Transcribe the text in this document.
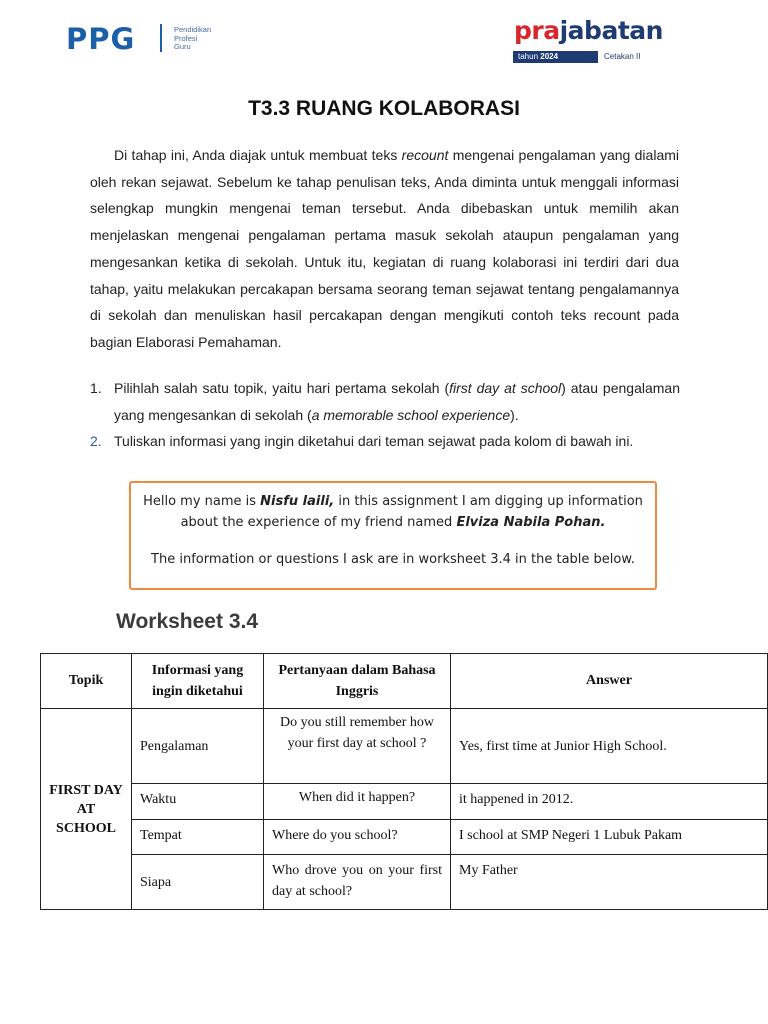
PPG	Pendidikan
Profesi
Guru
prajabatan
tahun 2024	Cetakan II
T3.3 RUANG KOLABORASI

Di tahap ini, Anda diajak untuk membuat teks recount mengenai pengalaman yang dialami oleh rekan sejawat. Sebelum ke tahap penulisan teks, Anda diminta untuk menggali informasi selengkap mungkin mengenai teman tersebut. Anda dibebaskan untuk memilih akan menjelaskan mengenai pengalaman pertama masuk sekolah ataupun pengalaman yang mengesankan ketika di sekolah. Untuk itu, kegiatan di ruang kolaborasi ini terdiri dari dua tahap, yaitu melakukan percakapan bersama seorang teman sejawat tentang pengalamannya di sekolah dan menuliskan hasil percakapan dengan mengikuti contoh teks recount pada bagian Elaborasi Pemahaman.

1. Pilihlah salah satu topik, yaitu hari pertama sekolah (first day at school) atau pengalaman yang mengesankan di sekolah (a memorable school experience).
2. Tuliskan informasi yang ingin diketahui dari teman sejawat pada kolom di bawah ini.
Hello my name is Nisfu laili, in this assignment I am digging up information
about the experience of my friend named Elviza Nabila Pohan.
The information or questions I ask are in worksheet 3.4 in the table below.
Worksheet 3.4
Topik	Informasi yang ingin diketahui	Pertanyaan dalam Bahasa Inggris	Answer
FIRST DAY AT SCHOOL	Pengalaman	Do you still remember how your first day at school ?	Yes, first time at Junior High School.
	Waktu	When did it happen?	it happened in 2012.
	Tempat	Where do you school?	I school at SMP Negeri 1 Lubuk Pakam
	Siapa	Who drove you on your first day at school?	My Father
